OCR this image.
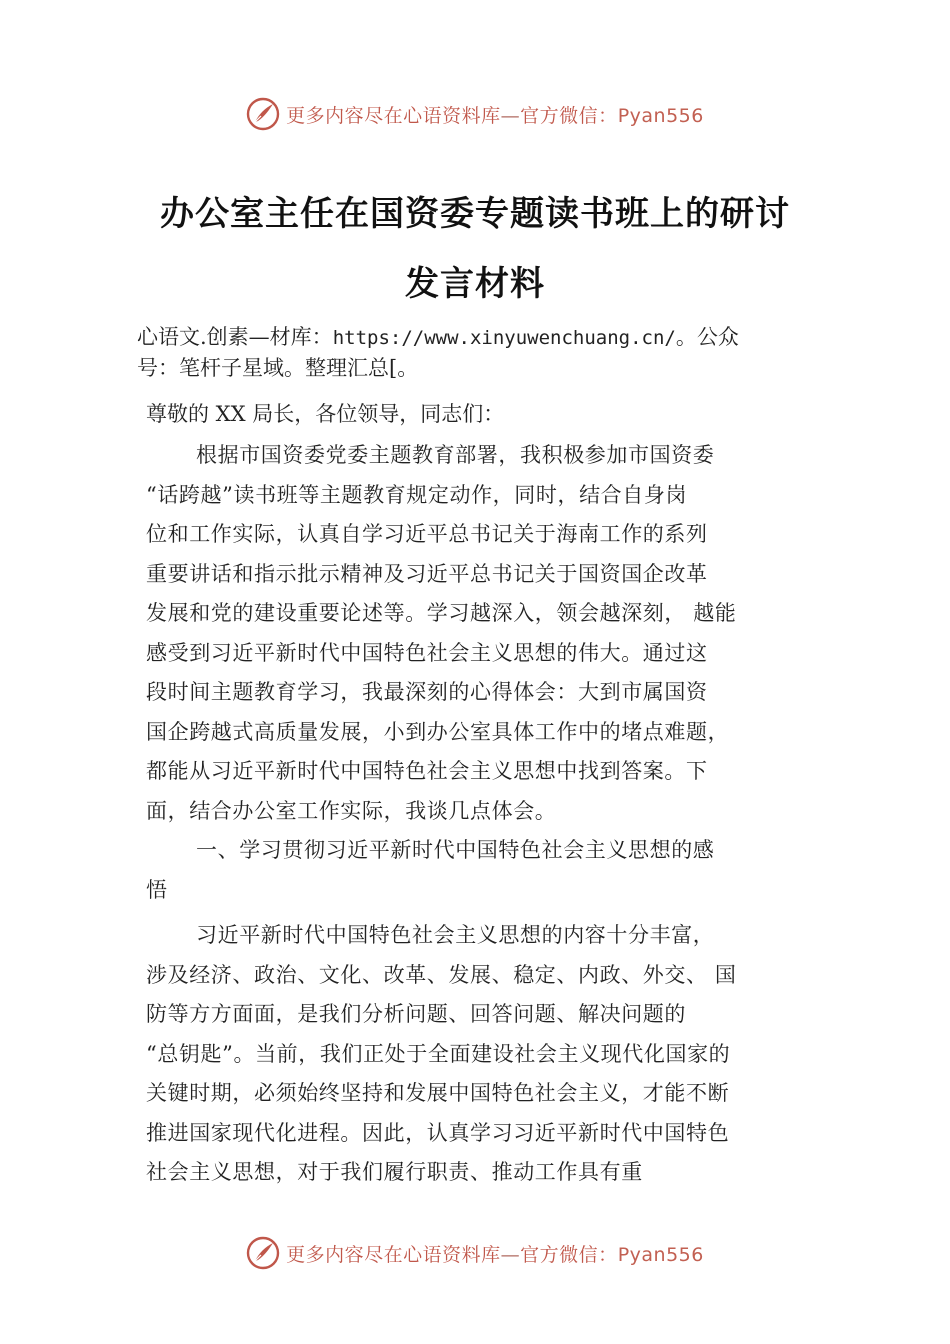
更多内容尽在心语资料库—官方微信：Pyan556
办公室主任在国资委专题读书班上的研讨
发言材料
心语文.创素—材库：https://www.xinyuwenchuang.cn/。公众
号：笔杆子星域。整理汇总[。
尊敬的 XX 局长，各位领导，同志们：
根据市国资委党委主题教育部署，我积极参加市国资委
“话跨越”读书班等主题教育规定动作，同时，结合自身岗
位和工作实际，认真自学习近平总书记关于海南工作的系列
重要讲话和指示批示精神及习近平总书记关于国资国企改革
发展和党的建设重要论述等。学习越深入，领会越深刻， 越能
感受到习近平新时代中国特色社会主义思想的伟大。通过这
段时间主题教育学习，我最深刻的心得体会：大到市属国资
国企跨越式高质量发展，小到办公室具体工作中的堵点难题，
都能从习近平新时代中国特色社会主义思想中找到答案。下
面，结合办公室工作实际，我谈几点体会。
一、学习贯彻习近平新时代中国特色社会主义思想的感
悟
习近平新时代中国特色社会主义思想的内容十分丰富，
涉及经济、政治、文化、改革、发展、稳定、内政、外交、 国
防等方方面面，是我们分析问题、回答问题、解决问题的
“总钥匙”。当前，我们正处于全面建设社会主义现代化国家的
关键时期，必须始终坚持和发展中国特色社会主义，才能不断
推进国家现代化进程。因此，认真学习习近平新时代中国特色
社会主义思想，对于我们履行职责、推动工作具有重
更多内容尽在心语资料库—官方微信：Pyan556
